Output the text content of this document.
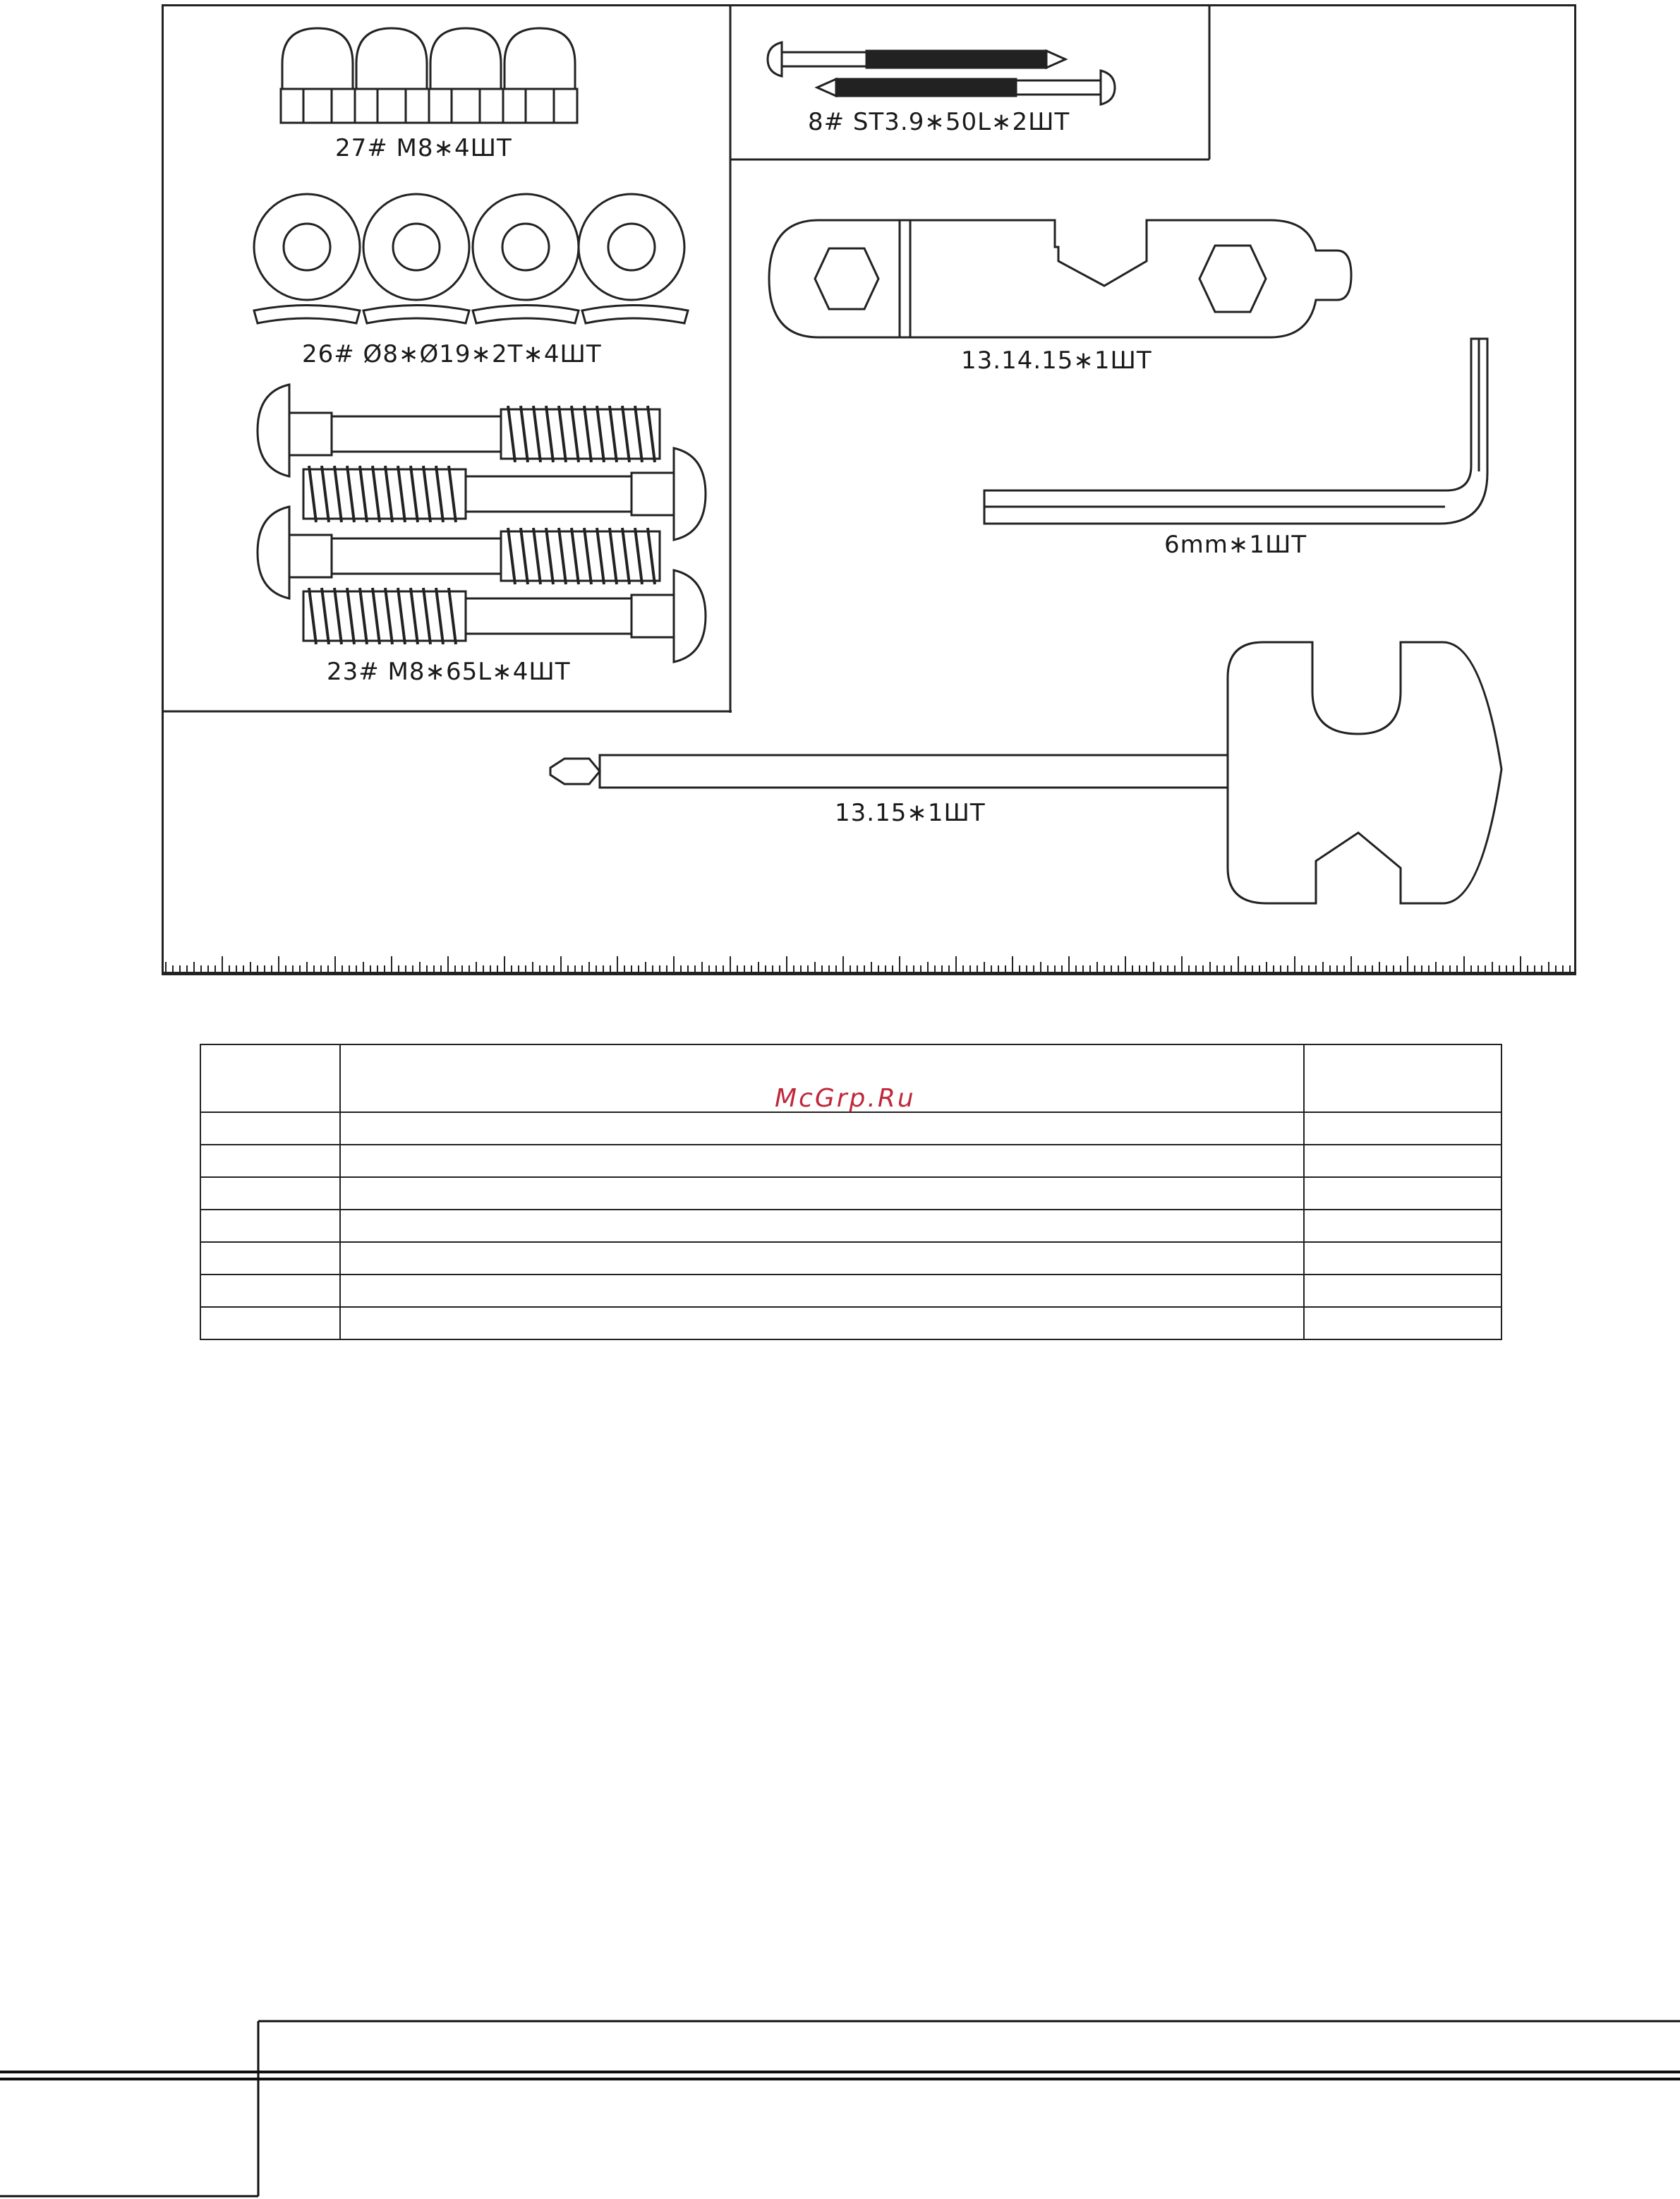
27# M8∗4ШТ
26# Ø8∗Ø19∗2T∗4ШТ
23# M8∗65L∗4ШТ
8# ST3.9∗50L∗2ШТ
13.14.15∗1ШТ
6mm∗1ШТ
13.15∗1ШТ

McGrp.Ru
